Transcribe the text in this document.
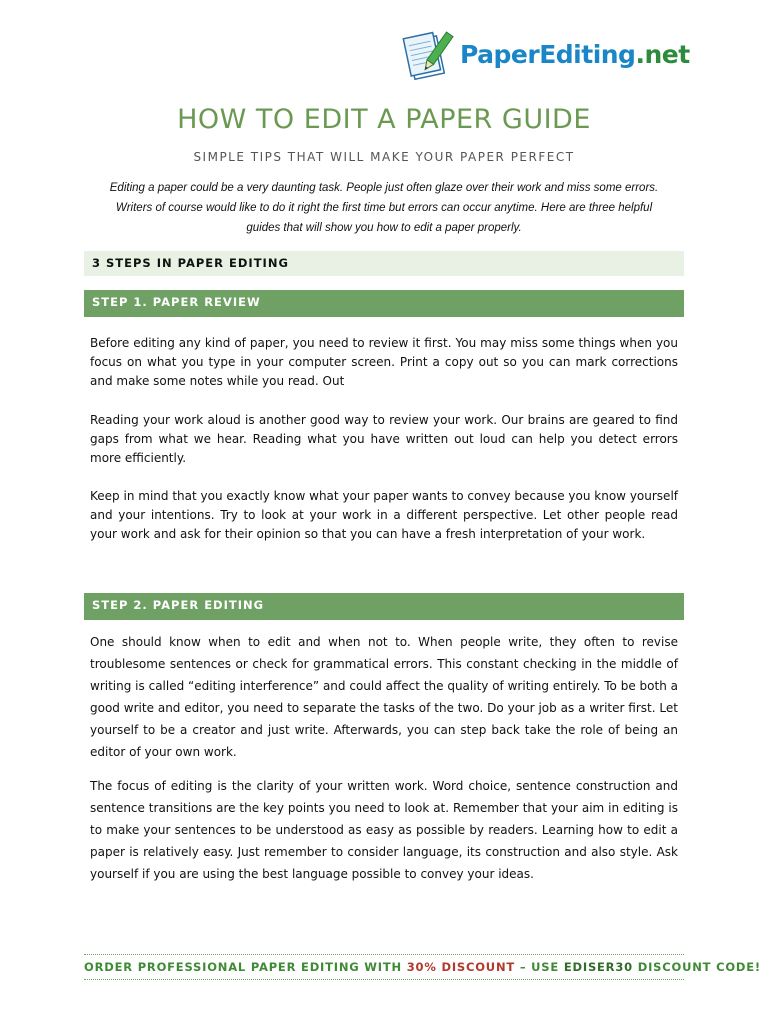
PaperEditing.net
HOW TO EDIT A PAPER GUIDE
SIMPLE TIPS THAT WILL MAKE YOUR PAPER PERFECT
Editing a paper could be a very daunting task. People just often glaze over their work and miss some errors.
Writers of course would like to do it right the first time but errors can occur anytime. Here are three helpful
guides that will show you how to edit a paper properly.
3 STEPS IN PAPER EDITING
STEP 1. PAPER REVIEW
Before editing any kind of paper, you need to review it first. You may miss some things when you focus on what you type in your computer screen. Print a copy out so you can mark corrections and make some notes while you read. Out
Reading your work aloud is another good way to review your work. Our brains are geared to find gaps from what we hear. Reading what you have written out loud can help you detect errors more efficiently.
Keep in mind that you exactly know what your paper wants to convey because you know yourself and your intentions. Try to look at your work in a different perspective. Let other people read your work and ask for their opinion so that you can have a fresh interpretation of your work.
STEP 2. PAPER EDITING
One should know when to edit and when not to. When people write, they often to revise troublesome sentences or check for grammatical errors. This constant checking in the middle of writing is called “editing interference” and could affect the quality of writing entirely. To be both a good write and editor, you need to separate the tasks of the two. Do your job as a writer first. Let yourself to be a creator and just write. Afterwards, you can step back take the role of being an editor of your own work.
The focus of editing is the clarity of your written work. Word choice, sentence construction and sentence transitions are the key points you need to look at. Remember that your aim in editing is to make your sentences to be understood as easy as possible by readers. Learning how to edit a paper is relatively easy. Just remember to consider language, its construction and also style. Ask yourself if you are using the best language possible to convey your ideas.
ORDER PROFESSIONAL PAPER EDITING WITH 30% DISCOUNT – USE EDISER30 DISCOUNT CODE!
